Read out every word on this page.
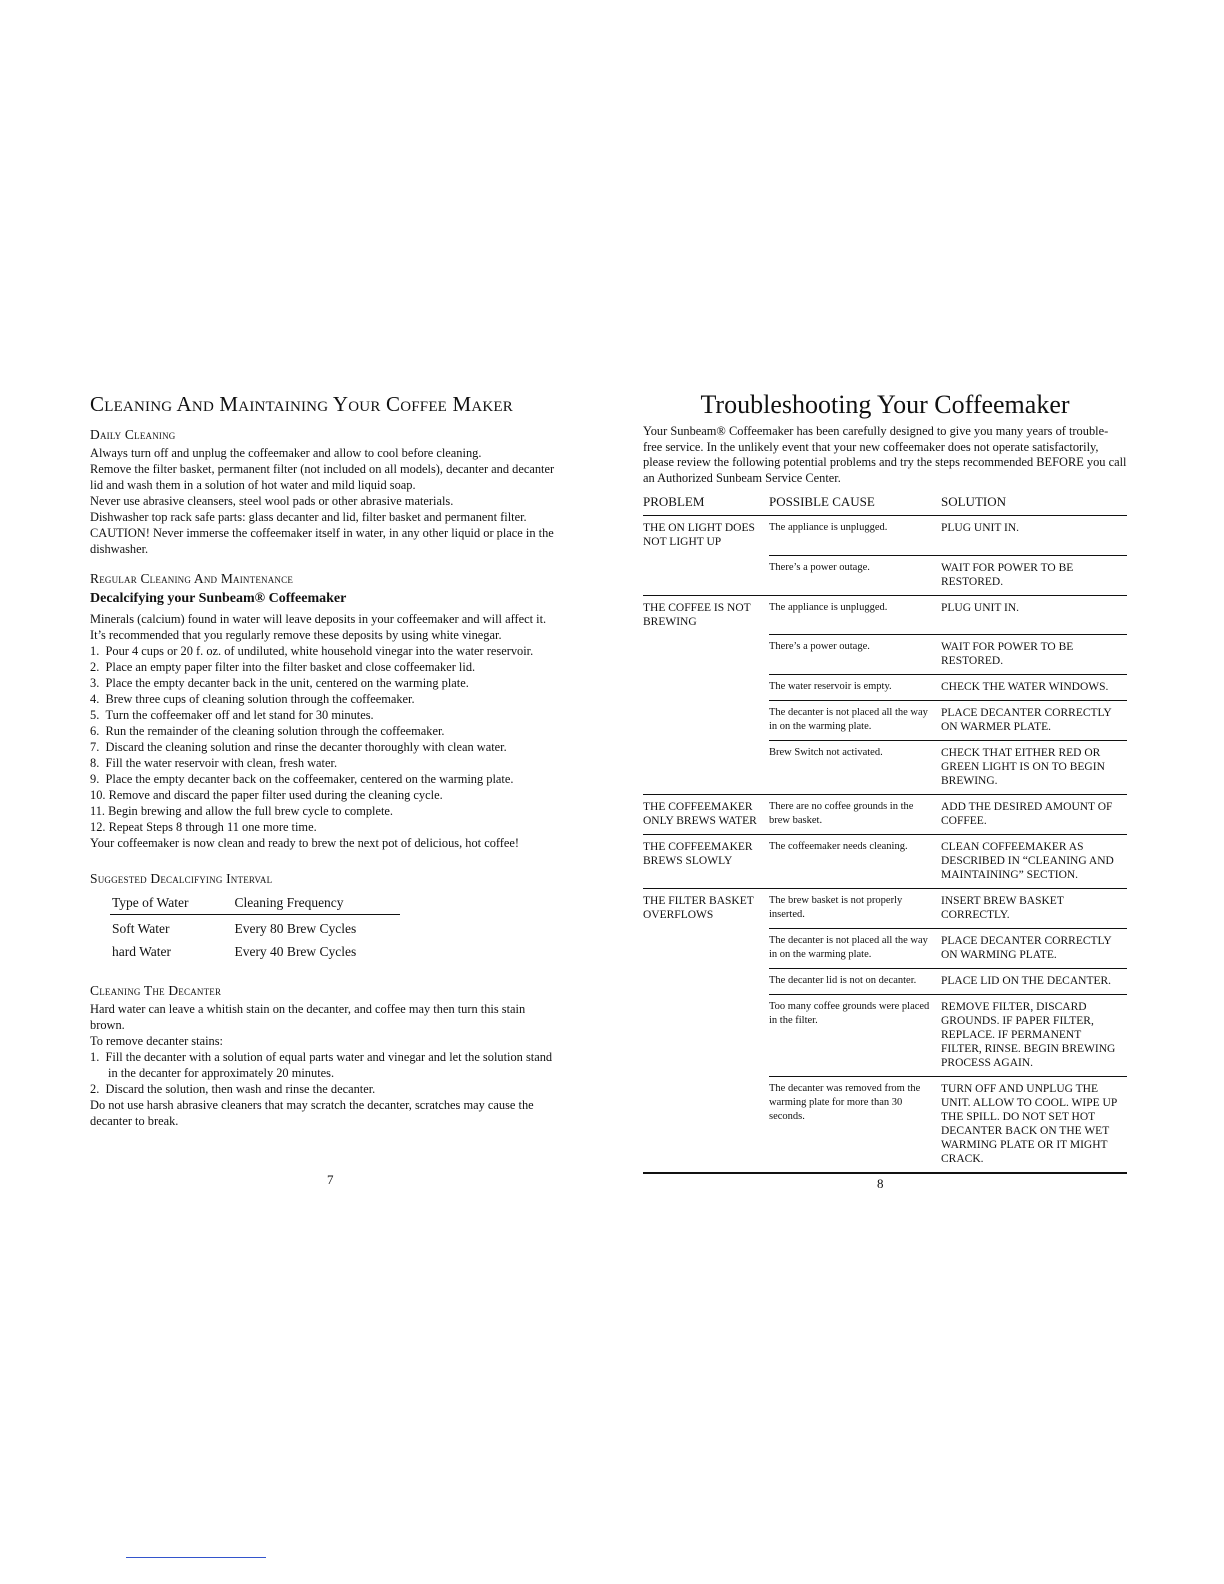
Cleaning And Maintaining Your Coffee Maker
Daily Cleaning

Always turn off and unplug the coffeemaker and allow to cool before cleaning.

Remove the filter basket, permanent filter (not included on all models), decanter and decanter lid and wash them in a solution of hot water and mild liquid soap.

Never use abrasive cleansers, steel wool pads or other abrasive materials.

Dishwasher top rack safe parts: glass decanter and lid, filter basket and permanent filter.

CAUTION! Never immerse the coffeemaker itself in water, in any other liquid or place in the dishwasher.

Regular Cleaning And Maintenance
Decalcifying your Sunbeam® Coffeemaker

Minerals (calcium) found in water will leave deposits in your coffeemaker and will affect it. It’s recommended that you regularly remove these deposits by using white vinegar.

1.  Pour 4 cups or 20 f. oz. of undiluted, white household vinegar into the water reservoir.
2.  Place an empty paper filter into the filter basket and close coffeemaker lid.
3.  Place the empty decanter back in the unit, centered on the warming plate.
4.  Brew three cups of cleaning solution through the coffeemaker.
5.  Turn the coffeemaker off and let stand for 30 minutes.
6.  Run the remainder of the cleaning solution through the coffeemaker.
7.  Discard the cleaning solution and rinse the decanter thoroughly with clean water.
8.  Fill the water reservoir with clean, fresh water.
9.  Place the empty decanter back on the coffeemaker, centered on the warming plate.
10. Remove and discard the paper filter used during the cleaning cycle.
11. Begin brewing and allow the full brew cycle to complete.
12. Repeat Steps 8 through 11 one more time.

Your coffeemaker is now clean and ready to brew the next pot of delicious, hot coffee!

Suggested Decalcifying Interval
Type of Water	Cleaning Frequency
Soft Water	Every 80 Brew Cycles
hard Water	Every 40 Brew Cycles
Cleaning The Decanter

Hard water can leave a whitish stain on the decanter, and coffee may then turn this stain brown.

To remove decanter stains:

1.  Fill the decanter with a solution of equal parts water and vinegar and let the solution stand in the decanter for approximately 20 minutes.
2.  Discard the solution, then wash and rinse the decanter.

Do not use harsh abrasive cleaners that may scratch the decanter, scratches may cause the decanter to break.

7
Troubleshooting Your Coffeemaker

Your Sunbeam® Coffeemaker has been carefully designed to give you many years of trouble-free service. In the unlikely event that your new coffeemaker does not operate satisfactorily, please review the following potential problems and try the steps recommended BEFORE you call an Authorized Sunbeam Service Center.

PROBLEM	POSSIBLE CAUSE	SOLUTION
THE ON LIGHT DOES NOT LIGHT UP	The appliance is unplugged.	PLUG UNIT IN.
	There’s a power outage.	WAIT FOR POWER TO BE RESTORED.
THE COFFEE IS NOT BREWING	The appliance is unplugged.	PLUG UNIT IN.
	There’s a power outage.	WAIT FOR POWER TO BE RESTORED.
	The water reservoir is empty.	CHECK THE WATER WINDOWS.
	The decanter is not placed all the way in on the warming plate.	PLACE DECANTER CORRECTLY ON WARMER PLATE.
	Brew Switch not activated.	CHECK THAT EITHER RED OR GREEN LIGHT IS ON TO BEGIN BREWING.
THE COFFEEMAKER ONLY BREWS WATER	There are no coffee grounds in the brew basket.	ADD THE DESIRED AMOUNT OF COFFEE.
THE COFFEEMAKER BREWS SLOWLY	The coffeemaker needs cleaning.	CLEAN COFFEEMAKER AS DESCRIBED IN “CLEANING AND MAINTAINING” SECTION.
THE FILTER BASKET OVERFLOWS	The brew basket is not properly inserted.	INSERT BREW BASKET CORRECTLY.
	The decanter is not placed all the way in on the warming plate.	PLACE DECANTER CORRECTLY ON WARMING PLATE.
	The decanter lid is not on decanter.	PLACE LID ON THE DECANTER.
	Too many coffee grounds were placed in the filter.	REMOVE FILTER, DISCARD GROUNDS. IF PAPER FILTER, REPLACE. IF PERMANENT FILTER, RINSE. BEGIN BREWING PROCESS AGAIN.
	The decanter was removed from the warming plate for more than 30 seconds.	TURN OFF AND UNPLUG THE UNIT. ALLOW TO COOL. WIPE UP THE SPILL. DO NOT SET HOT DECANTER BACK ON THE WET WARMING PLATE OR IT MIGHT CRACK.
8
